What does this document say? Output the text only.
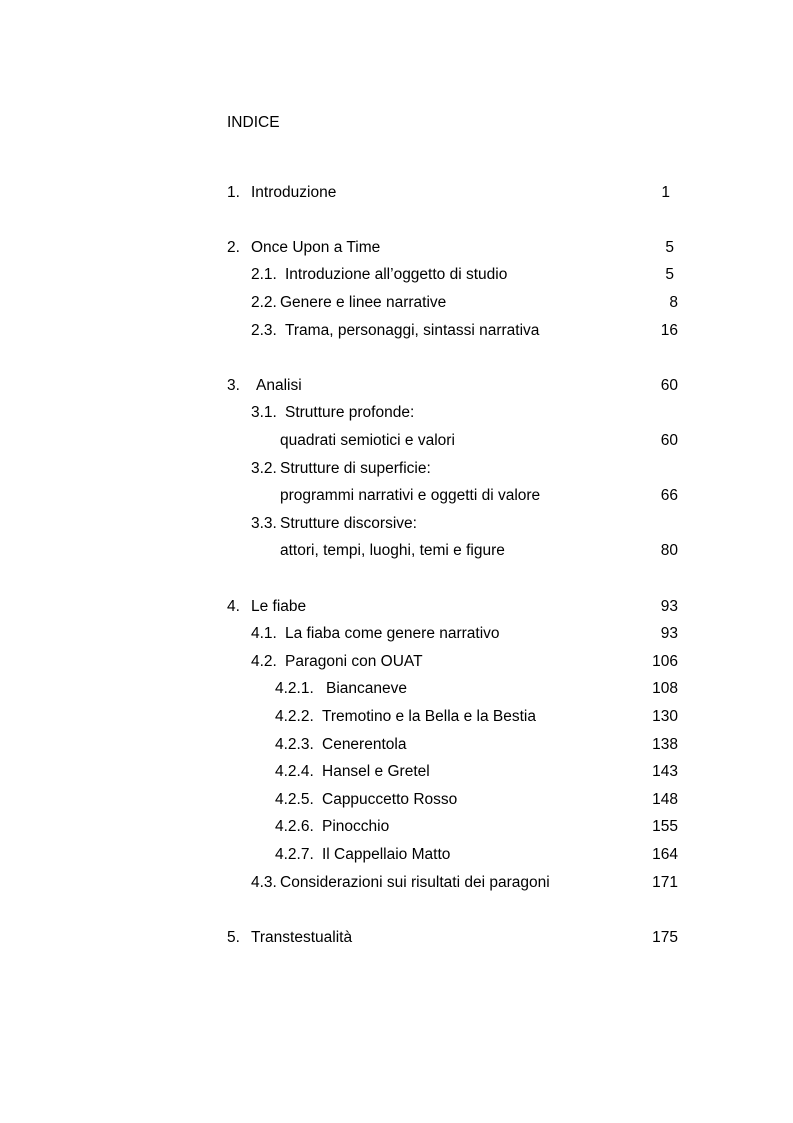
INDICE
1. Introduzione	1
2. Once Upon a Time	5
2.1. Introduzione all’oggetto di studio	5
2.2. Genere e linee narrative	8
2.3. Trama, personaggi, sintassi narrativa	16
3. Analisi	60
3.1. Strutture profonde:
quadrati semiotici e valori	60
3.2. Strutture di superficie:
programmi narrativi e oggetti di valore	66
3.3. Strutture discorsive:
attori, tempi, luoghi, temi e figure	80
4. Le fiabe	93
4.1. La fiaba come genere narrativo	93
4.2. Paragoni con OUAT	106
4.2.1. Biancaneve	108
4.2.2. Tremotino e la Bella e la Bestia	130
4.2.3. Cenerentola	138
4.2.4. Hansel e Gretel	143
4.2.5. Cappuccetto Rosso	148
4.2.6. Pinocchio	155
4.2.7. Il Cappellaio Matto	164
4.3. Considerazioni sui risultati dei paragoni	171
5. Transtestualità	175
